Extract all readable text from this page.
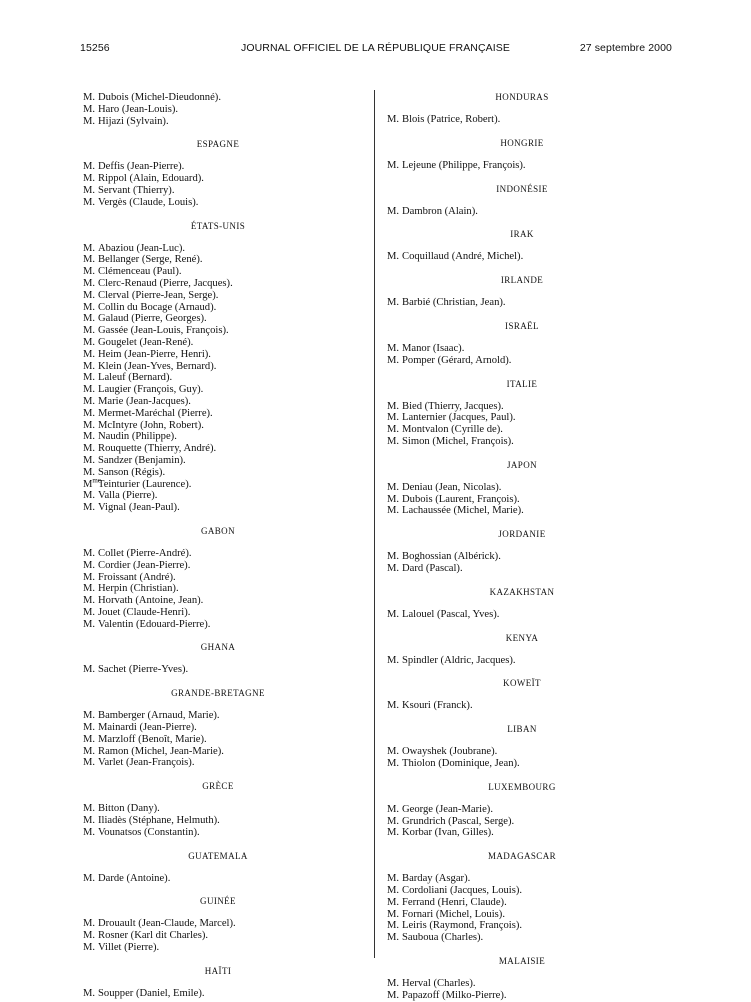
15256	JOURNAL OFFICIEL DE LA RÉPUBLIQUE FRANÇAISE	27 septembre 2000
M. Dubois (Michel-Dieudonné).
M. Haro (Jean-Louis).
M. Hijazi (Sylvain).
ESPAGNE
M. Deffis (Jean-Pierre).
M. Rippol (Alain, Edouard).
M. Servant (Thierry).
M. Vergès (Claude, Louis).
ÉTATS-UNIS
M. Abaziou (Jean-Luc).
M. Bellanger (Serge, René).
M. Clémenceau (Paul).
M. Clerc-Renaud (Pierre, Jacques).
M. Clerval (Pierre-Jean, Serge).
M. Collin du Bocage (Arnaud).
M. Galaud (Pierre, Georges).
M. Gassée (Jean-Louis, François).
M. Gougelet (Jean-René).
M. Heim (Jean-Pierre, Henri).
M. Klein (Jean-Yves, Bernard).
M. Laleuf (Bernard).
M. Laugier (François, Guy).
M. Marie (Jean-Jacques).
M. Mermet-Maréchal (Pierre).
M. McIntyre (John, Robert).
M. Naudin (Philippe).
M. Rouquette (Thierry, André).
M. Sandzer (Benjamin).
M. Sanson (Régis).
$M^{me}$
Teinturier (Laurence).
M. Valla (Pierre).
M. Vignal (Jean-Paul).
GABON
M. Collet (Pierre-André).
M. Cordier (Jean-Pierre).
M. Froissant (André).
M. Herpin (Christian).
M. Horvath (Antoine, Jean).
M. Jouet (Claude-Henri).
M. Valentin (Edouard-Pierre).
GHANA
M. Sachet (Pierre-Yves).
GRANDE-BRETAGNE
M. Bamberger (Arnaud, Marie).
M. Mainardi (Jean-Pierre).
M. Marzloff (Benoît, Marie).
M. Ramon (Michel, Jean-Marie).
M. Varlet (Jean-François).
GRÈCE
M. Bitton (Dany).
M. Iliadès (Stéphane, Helmuth).
M. Vounatsos (Constantin).
GUATEMALA
M. Darde (Antoine).
GUINÉE
M. Drouault (Jean-Claude, Marcel).
M. Rosner (Karl dit Charles).
M. Villet (Pierre).
HAÏTI
M. Soupper (Daniel, Emile).
HONDURAS
M. Blois (Patrice, Robert).
HONGRIE
M. Lejeune (Philippe, François).
INDONÉSIE
M. Dambron (Alain).
IRAK
M. Coquillaud (André, Michel).
IRLANDE
M. Barbié (Christian, Jean).
ISRAËL
M. Manor (Isaac).
M. Pomper (Gérard, Arnold).
ITALIE
M. Bied (Thierry, Jacques).
M. Lanternier (Jacques, Paul).
M. Montvalon (Cyrille de).
M. Simon (Michel, François).
JAPON
M. Deniau (Jean, Nicolas).
M. Dubois (Laurent, François).
M. Lachaussée (Michel, Marie).
JORDANIE
M. Boghossian (Albérick).
M. Dard (Pascal).
KAZAKHSTAN
M. Lalouel (Pascal, Yves).
KENYA
M. Spindler (Aldric, Jacques).
KOWEÏT
M. Ksouri (Franck).
LIBAN
M. Owayshek (Joubrane).
M. Thiolon (Dominique, Jean).
LUXEMBOURG
M. George (Jean-Marie).
M. Grundrich (Pascal, Serge).
M. Korbar (Ivan, Gilles).
MADAGASCAR
M. Barday (Asgar).
M. Cordoliani (Jacques, Louis).
M. Ferrand (Henri, Claude).
M. Fornari (Michel, Louis).
M. Leiris (Raymond, François).
M. Sauboua (Charles).
MALAISIE
M. Herval (Charles).
M. Papazoff (Milko-Pierre).
